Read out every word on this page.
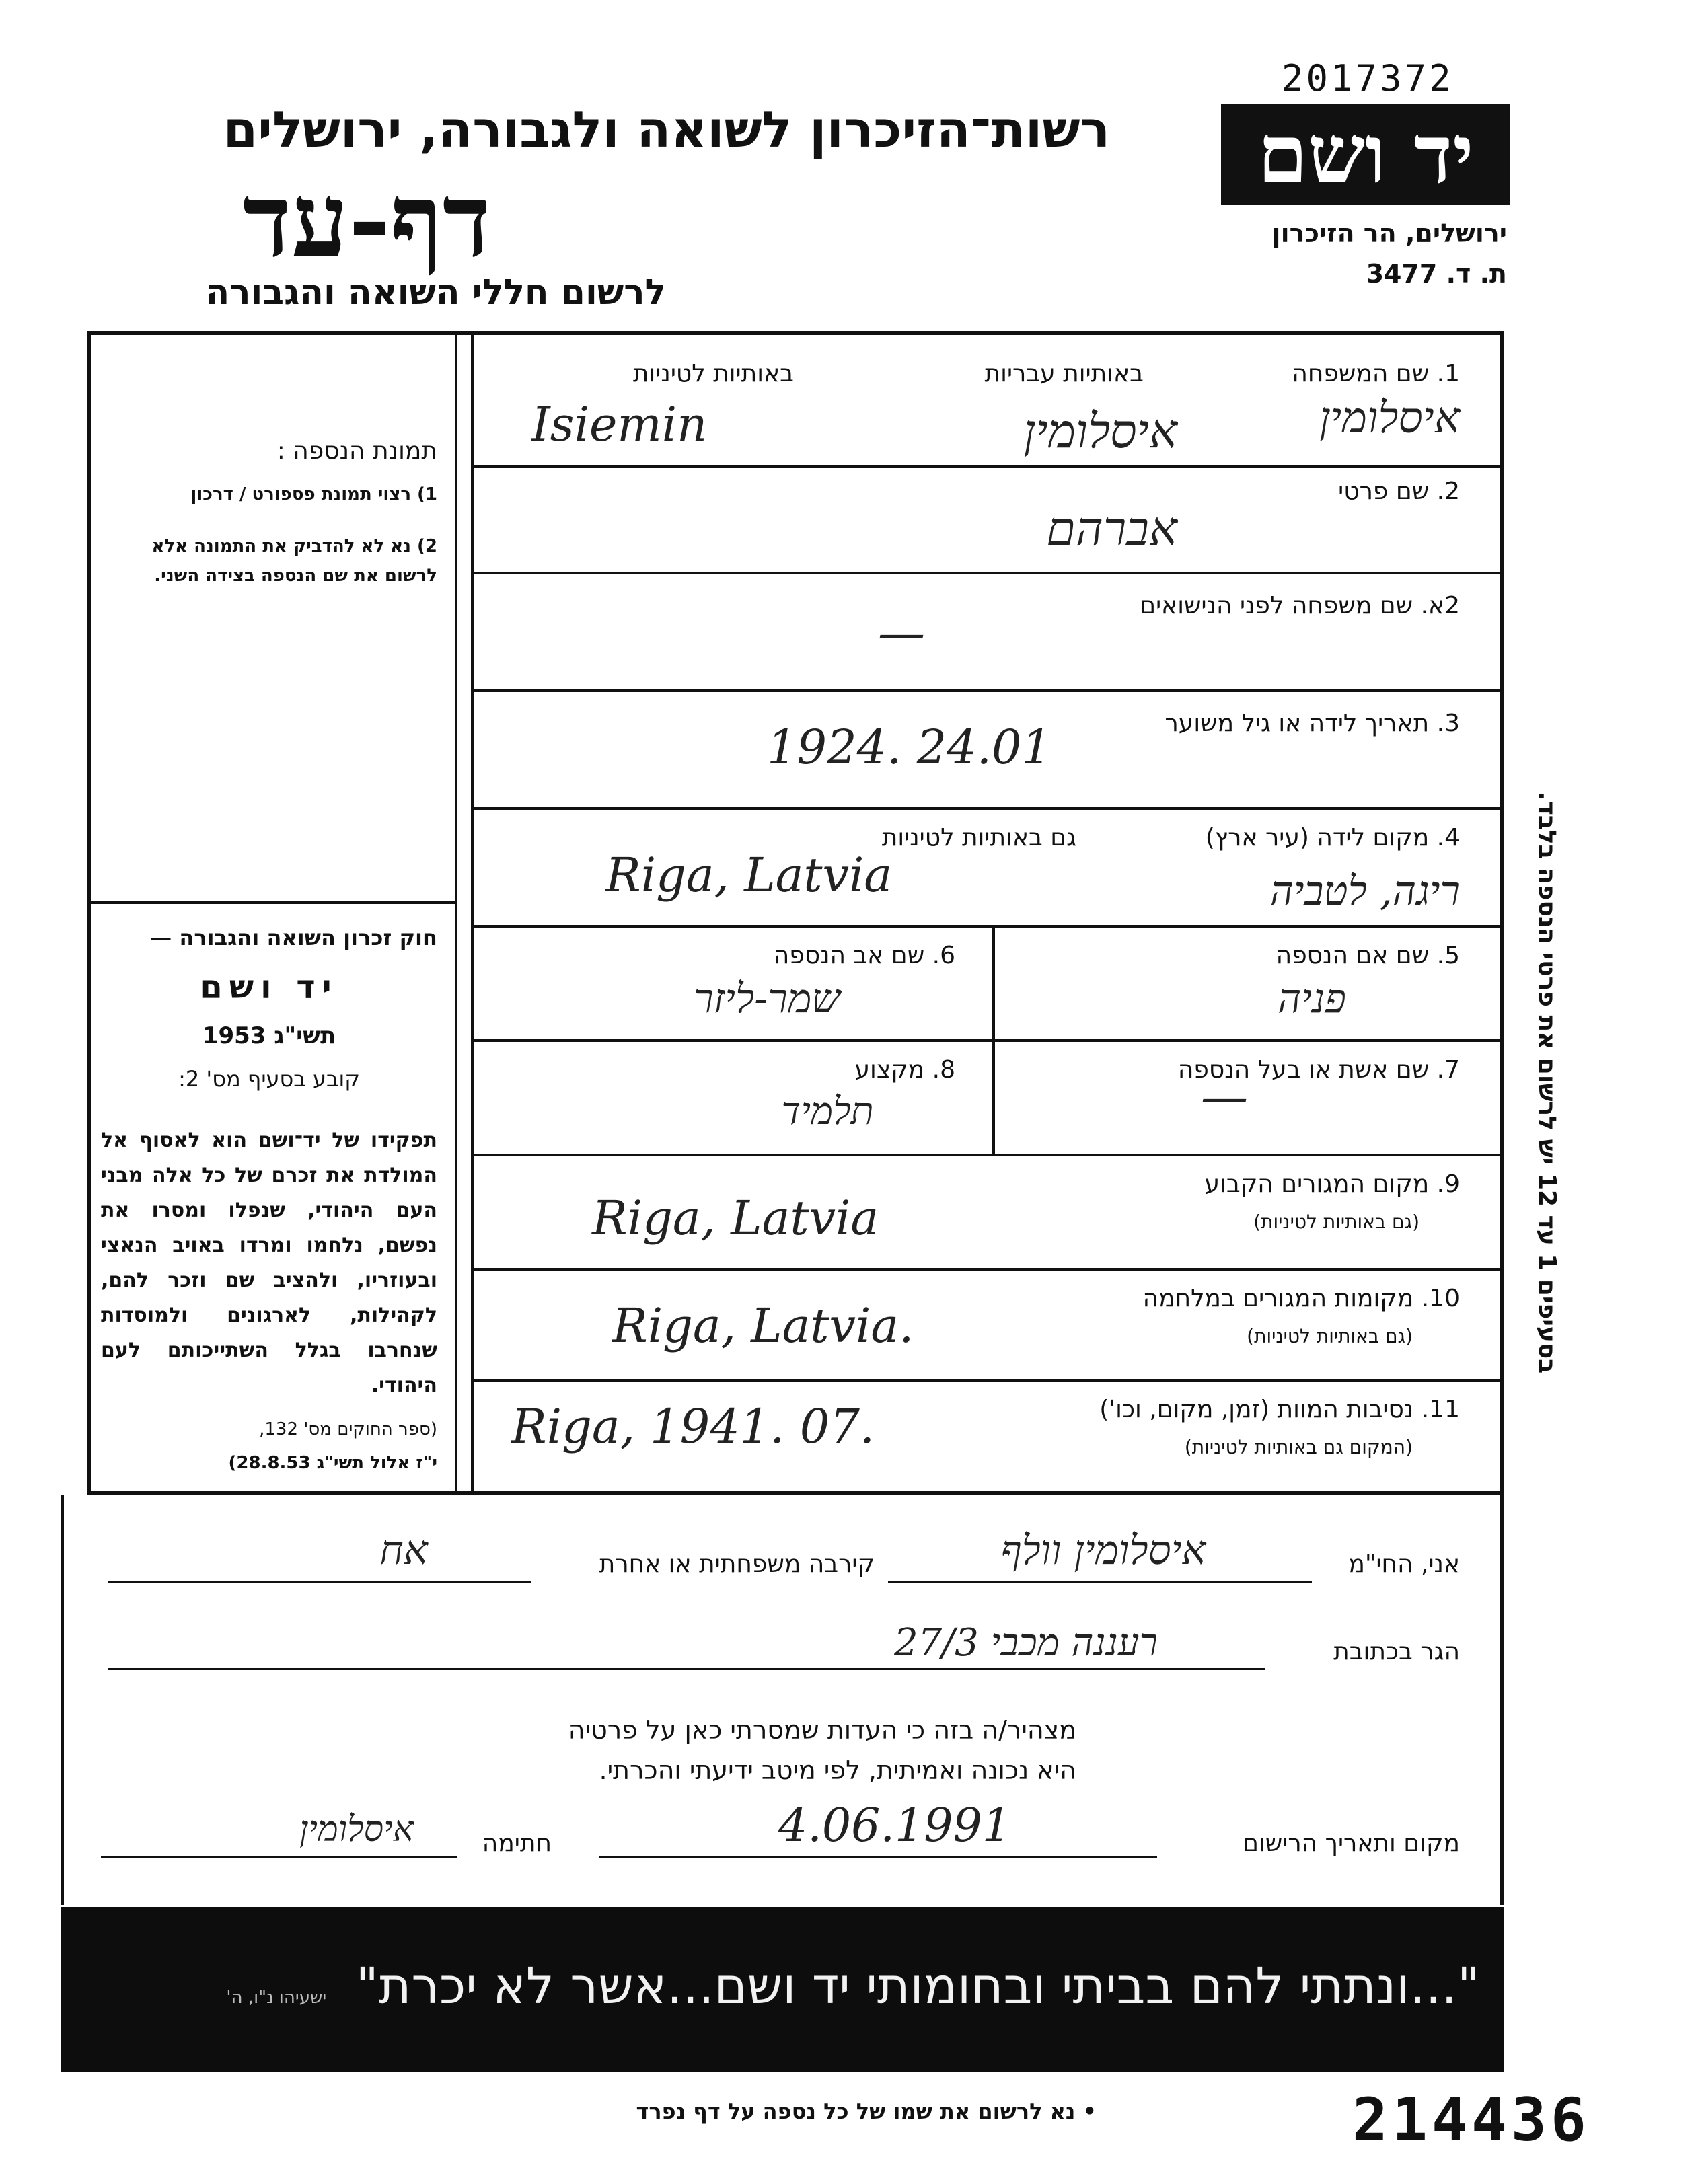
2017372
יד ושם
ירושלים, הר הזיכרון
ת. ד. 3477
רשות־הזיכרון לשואה ולגבורה, ירושלים
דף-עד
לרשום חללי השואה והגבורה
תמונת הנספה :
1) רצוי תמונת פספורט / דרכון
2) נא לא להדביק את התמונה אלא לרשום את שם הנספה בצידה השני.
חוק זכרון השואה והגבורה —
יד ושם
תשי"ג 1953
קובע בסעיף מס' 2:
תפקידו של יד־ושם הוא לאסוף אל המולדת את זכרם של כל אלה מבני העם היהודי, שנפלו ומסרו את נפשם, נלחמו ומרדו באויב הנאצי ובעוזריו, ולהציב שם וזכר להם, לקהילות, לארגונים ולמוסדות שנחרבו בגלל השתייכותם לעם היהודי.
(ספר החוקים מס' 132,
י"ז אלול תשי"ג 28.8.53)
1. שם המשפחה
באותיות עבריות
באותיות לטיניות
איסלומין
איסלומין
Isiemin
2. שם פרטי
אברהם
2א. שם משפחה לפני הנישואים
—
3. תאריך לידה או גיל משוער
1924. 24.01
4. מקום לידה (עיר ארץ)
גם באותיות לטיניות
Riga, Latvia	ריגה, לטביה
5. שם אם הנספה
פניה
6. שם אב הנספה
שמר-ליזר
7. שם אשת או בעל הנספה
—
8. מקצוע
תלמיד
9. מקום המגורים הקבוע
(גם באותיות לטיניות)
Riga, Latvia
10. מקומות המגורים במלחמה
(גם באותיות לטיניות)
Riga, Latvia.
11. נסיבות המוות (זמן, מקום, וכו')
(המקום גם באותיות לטיניות)
Riga, 1941. 07.
בסעיפים 1 עד 12 יש לרשום את פרטי הנספה בלבד.
אני, החי"מ
איסלומין וולף
קירבה משפחתית או אחרת
אח
הגר בכתובת
רעננה מכבי 27/3
מצהיר/ה בזה כי העדות שמסרתי כאן על פרטיה
היא נכונה ואמיתית, לפי מיטב ידיעתי והכרתי.
מקום ותאריך הרישום
4.06.1991
חתימה
איסלומין
"...ונתתי להם בביתי ובחומותי יד ושם...אשר לא יכרת" ישעיהו נ"ו, ה'
• נא לרשום את שמו של כל נספה על דף נפרד	214436
